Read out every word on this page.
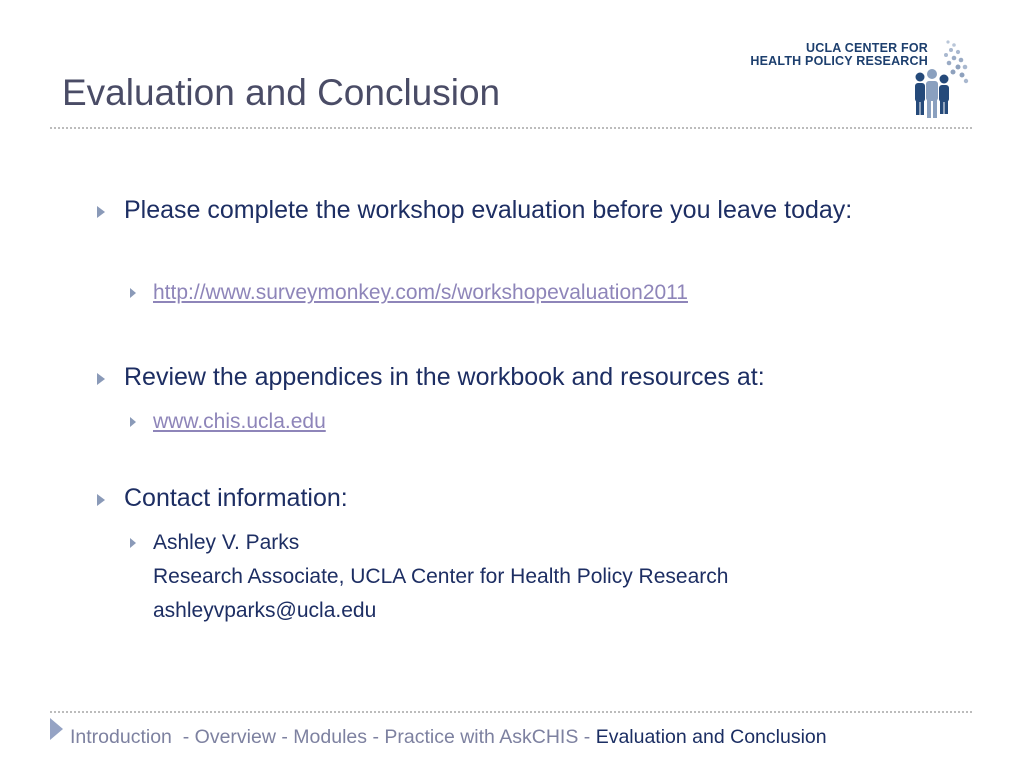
Evaluation and Conclusion
UCLA CENTER FOR
HEALTH POLICY RESEARCH

Please complete the workshop evaluation before you leave today:

http://www.surveymonkey.com/s/workshopevaluation2011

Review the appendices in the workbook and resources at:

www.chis.ucla.edu

Contact information:

Ashley V. Parks
Research Associate, UCLA Center for Health Policy Research
ashleyvparks@ucla.edu

Introduction - Overview - Modules - Practice with AskCHIS - Evaluation and Conclusion
